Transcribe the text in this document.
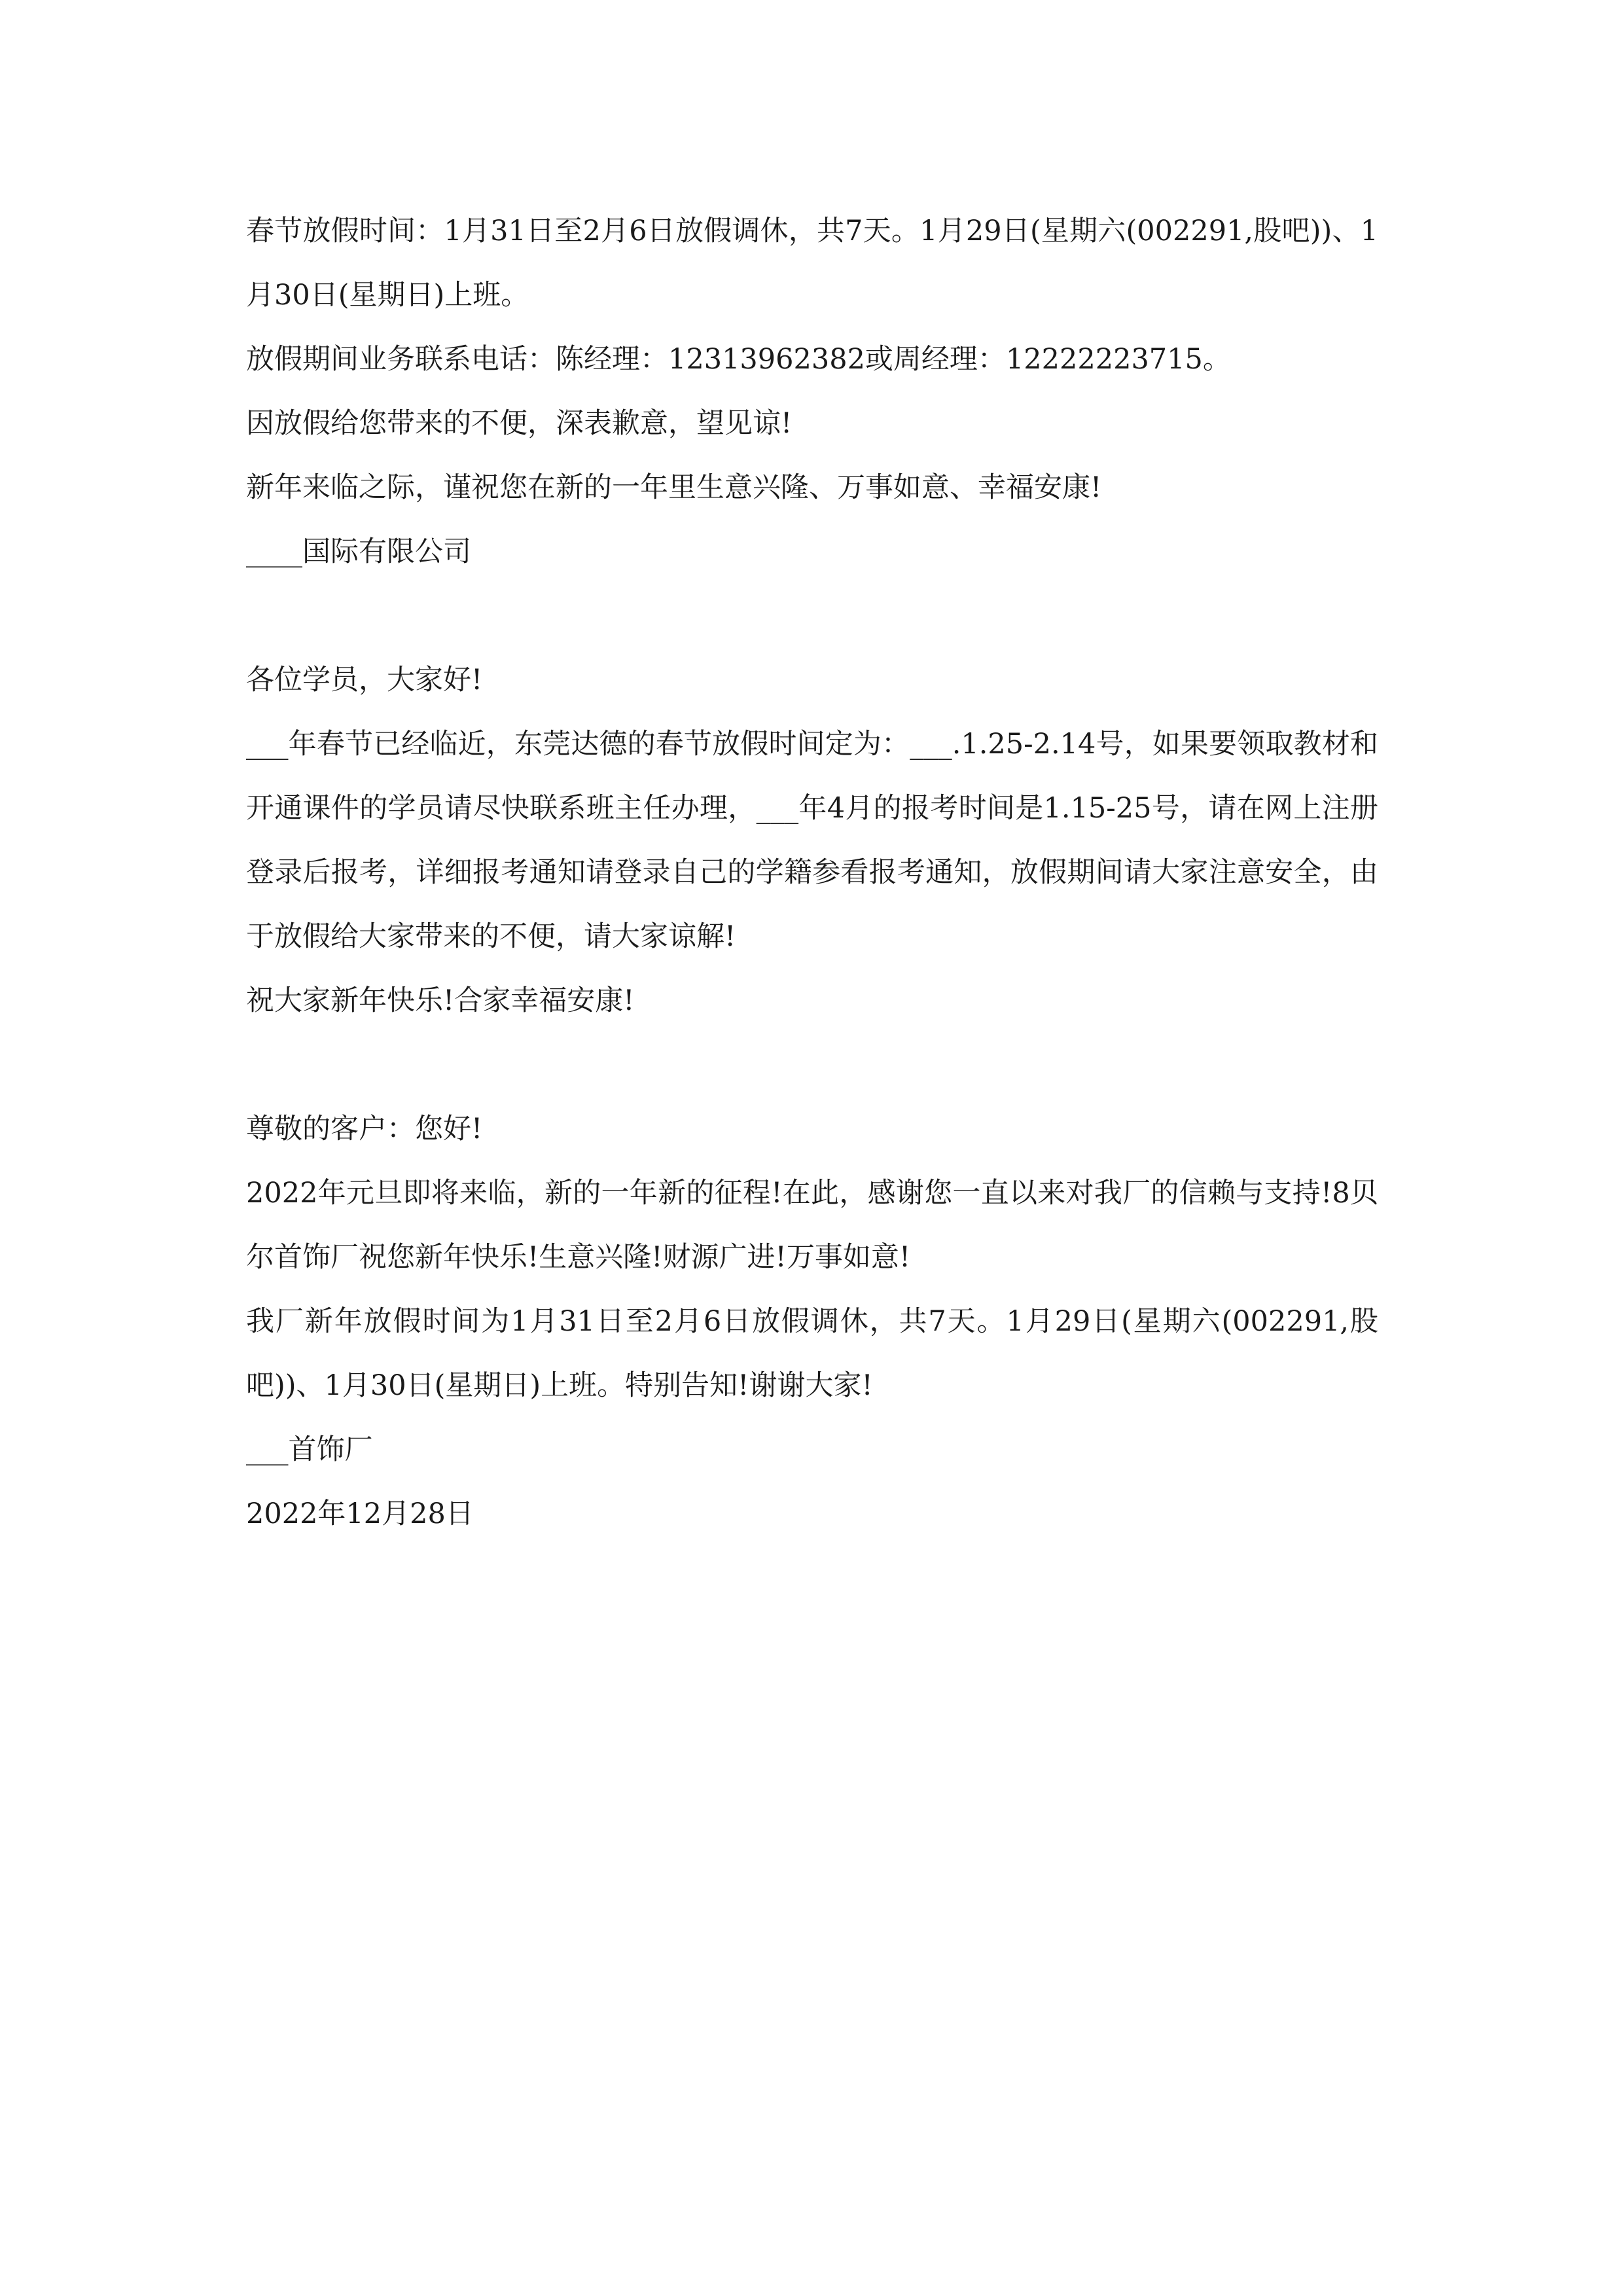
春节放假时间：1月31日至2月6日放假调休，共7天。1月29日(星期六(002291,股吧))、1月30日(星期日)上班。
放假期间业务联系电话：陈经理：12313962382或周经理：12222223715。
因放假给您带来的不便，深表歉意，望见谅!
新年来临之际，谨祝您在新的一年里生意兴隆、万事如意、幸福安康!
____国际有限公司
各位学员，大家好!
___年春节已经临近，东莞达德的春节放假时间定为：___.1.25-2.14号，如果要领取教材和开通课件的学员请尽快联系班主任办理，___年4月的报考时间是1.15-25号，请在网上注册登录后报考，详细报考通知请登录自己的学籍参看报考通知，放假期间请大家注意安全，由于放假给大家带来的不便，请大家谅解!
祝大家新年快乐!合家幸福安康!
尊敬的客户：您好!
2022年元旦即将来临，新的一年新的征程!在此，感谢您一直以来对我厂的信赖与支持!8贝尔首饰厂祝您新年快乐!生意兴隆!财源广进!万事如意!
我厂新年放假时间为1月31日至2月6日放假调休，共7天。1月29日(星期六(002291,股吧))、1月30日(星期日)上班。特别告知!谢谢大家!
___首饰厂
2022年12月28日
